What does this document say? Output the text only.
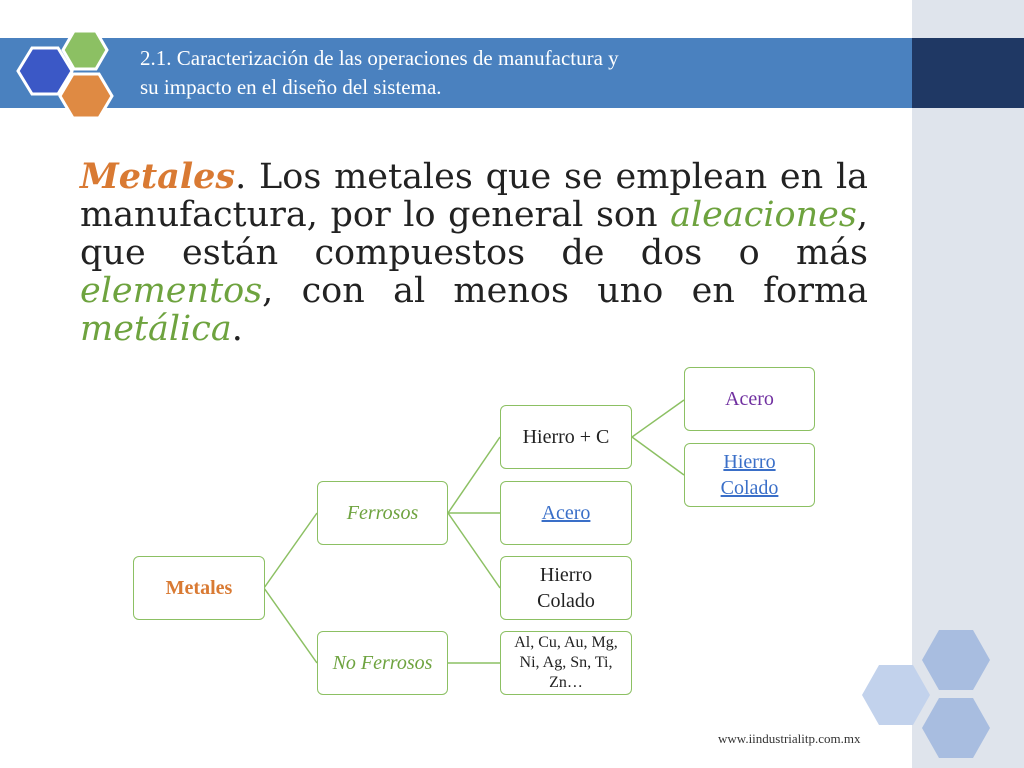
2.1. Caracterización de las operaciones de manufactura y
su impacto en el diseño del sistema.
Metales. Los metales que se emplean en la manufactura, por lo general son aleaciones, que están compuestos de dos o más elementos, con al menos uno en forma metálica.
Metales
Ferrosos
No Ferrosos
Hierro + C
Acero
Hierro
Colado
Al, Cu, Au, Mg,
Ni, Ag, Sn, Ti,
Zn…
Acero
Hierro
Colado
www.iindustrialitp.com.mx
